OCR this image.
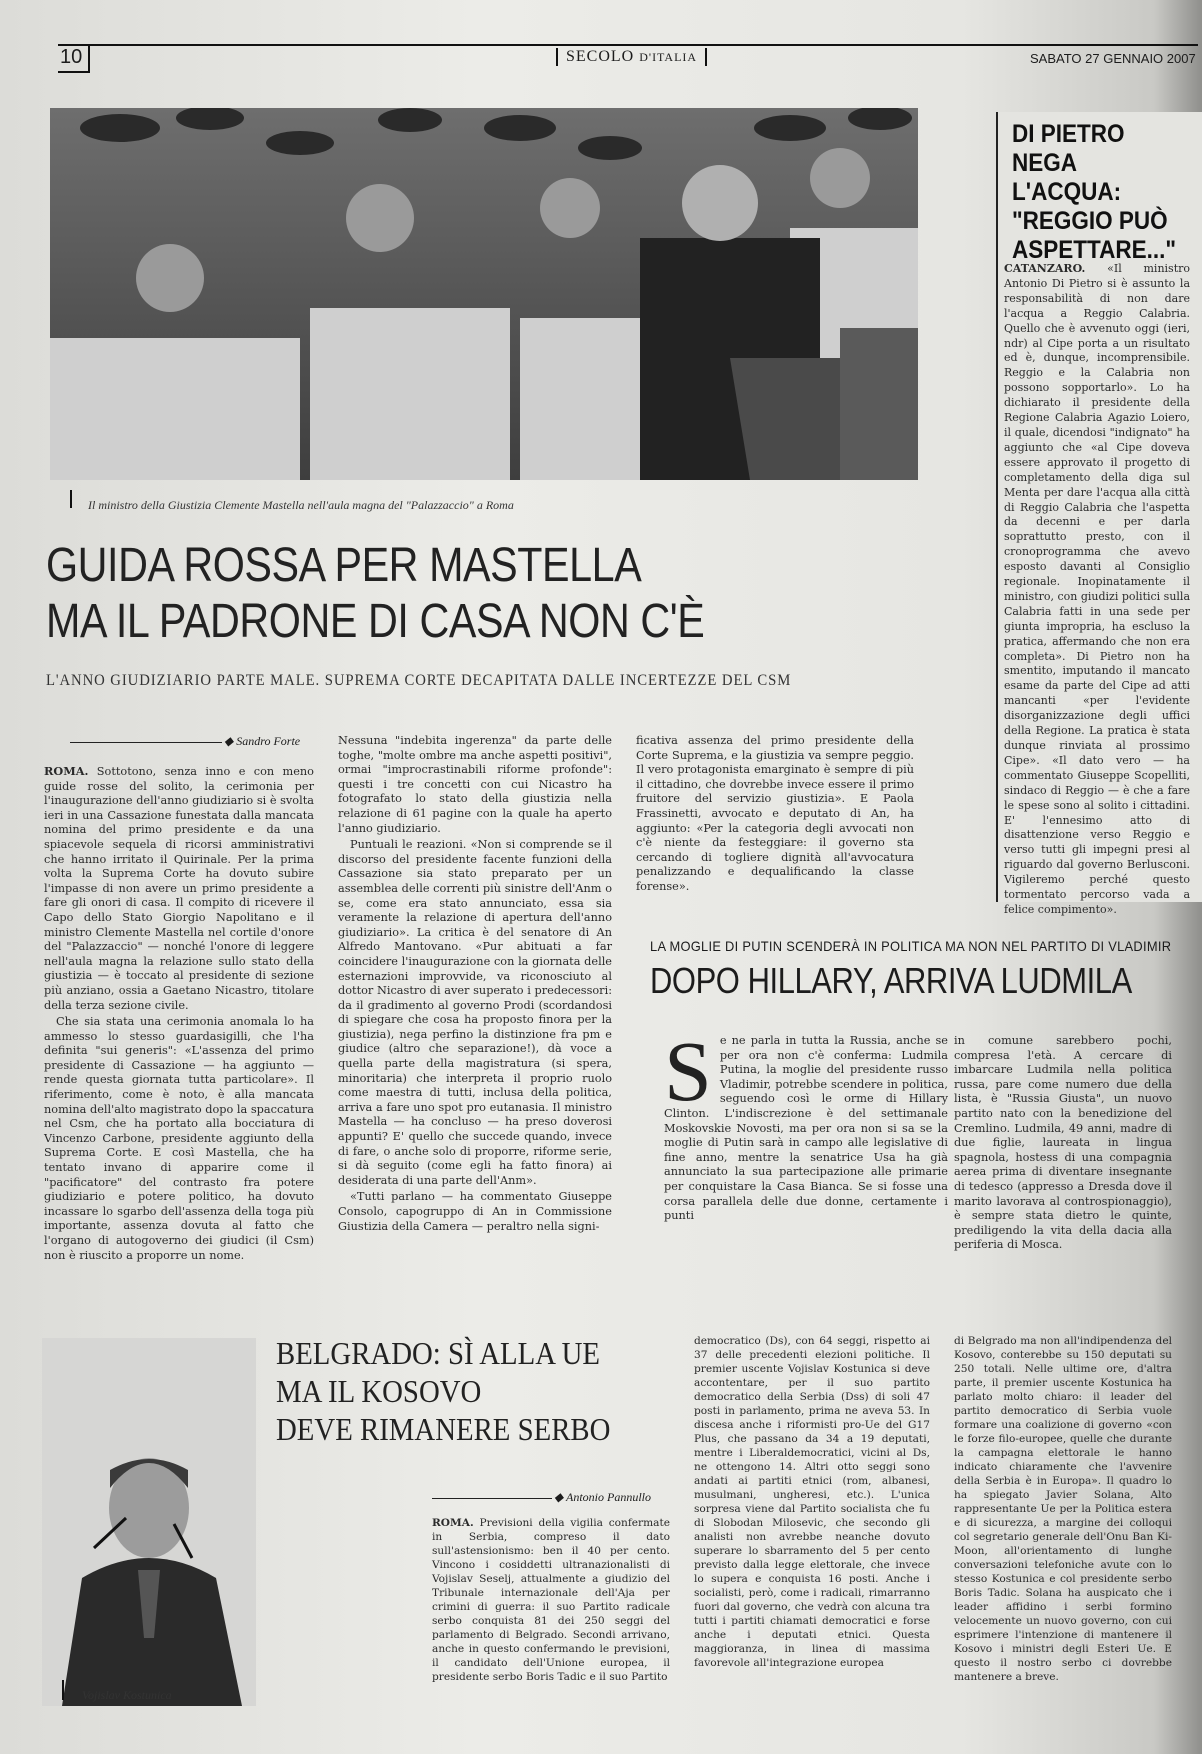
10	SECOLO D'ITALIA	SABATO 27 GENNAIO 2007
Il ministro della Giustizia Clemente Mastella nell'aula magna del "Palazzaccio" a Roma
GUIDA ROSSA PER MASTELLA
MA IL PADRONE DI CASA NON C'È
L'ANNO GIUDIZIARIO PARTE MALE. SUPREMA CORTE DECAPITATA DALLE INCERTEZZE DEL CSM
◆ Sandro Forte

ROMA. Sottotono, senza inno e con meno guide rosse del solito, la cerimonia per l'inaugurazione dell'anno giudiziario si è svolta ieri in una Cassazione funestata dalla mancata nomina del primo presidente e da una spiacevole sequela di ricorsi amministrativi che hanno irritato il Quirinale. Per la prima volta la Suprema Corte ha dovuto subire l'impasse di non avere un primo presidente a fare gli onori di casa. Il compito di ricevere il Capo dello Stato Giorgio Napolitano e il ministro Clemente Mastella nel cortile d'onore del "Palazzaccio" — nonché l'onore di leggere nell'aula magna la relazione sullo stato della giustizia — è toccato al presidente di sezione più anziano, ossia a Gaetano Nicastro, titolare della terza sezione civile.

Che sia stata una cerimonia anomala lo ha ammesso lo stesso guardasigilli, che l'ha definita "sui generis": «L'assenza del primo presidente di Cassazione — ha aggiunto — rende questa giornata tutta particolare». Il riferimento, come è noto, è alla mancata nomina dell'alto magistrato dopo la spaccatura nel Csm, che ha portato alla bocciatura di Vincenzo Carbone, presidente aggiunto della Suprema Corte. E così Mastella, che ha tentato invano di apparire come il "pacificatore" del contrasto fra potere giudiziario e potere politico, ha dovuto incassare lo sgarbo dell'assenza della toga più importante, assenza dovuta al fatto che l'organo di autogoverno dei giudici (il Csm) non è riuscito a proporre un nome.

Nessuna "indebita ingerenza" da parte delle toghe, "molte ombre ma anche aspetti positivi", ormai "improcrastinabili riforme profonde": questi i tre concetti con cui Nicastro ha fotografato lo stato della giustizia nella relazione di 61 pagine con la quale ha aperto l'anno giudiziario.

Puntuali le reazioni. «Non si comprende se il discorso del presidente facente funzioni della Cassazione sia stato preparato per un assemblea delle correnti più sinistre dell'Anm o se, come era stato annunciato, essa sia veramente la relazione di apertura dell'anno giudiziario». La critica è del senatore di An Alfredo Mantovano. «Pur abituati a far coincidere l'inaugurazione con la giornata delle esternazioni improvvide, va riconosciuto al dottor Nicastro di aver superato i predecessori: da il gradimento al governo Prodi (scordandosi di spiegare che cosa ha proposto finora per la giustizia), nega perfino la distinzione fra pm e giudice (altro che separazione!), dà voce a quella parte della magistratura (si spera, minoritaria) che interpreta il proprio ruolo come maestra di tutti, inclusa della politica, arriva a fare uno spot pro eutanasia. Il ministro Mastella — ha concluso — ha preso doverosi appunti? E' quello che succede quando, invece di fare, o anche solo di proporre, riforme serie, si dà seguito (come egli ha fatto finora) ai desiderata di una parte dell'Anm».

«Tutti parlano — ha commentato Giuseppe Consolo, capogruppo di An in Commissione Giustizia della Camera — peraltro nella signi-

ficativa assenza del primo presidente della Corte Suprema, e la giustizia va sempre peggio. Il vero protagonista emarginato è sempre di più il cittadino, che dovrebbe invece essere il primo fruitore del servizio giustizia». E Paola Frassinetti, avvocato e deputato di An, ha aggiunto: «Per la categoria degli avvocati non c'è niente da festeggiare: il governo sta cercando di togliere dignità all'avvocatura penalizzando e dequalificando la classe forense».

DI PIETRO NEGA L'ACQUA: "REGGIO PUÒ ASPETTARE..."

CATANZARO. «Il ministro Antonio Di Pietro si è assunto la responsabilità di non dare l'acqua a Reggio Calabria. Quello che è avvenuto oggi (ieri, ndr) al Cipe porta a un risultato ed è, dunque, incomprensibile. Reggio e la Calabria non possono sopportarlo». Lo ha dichiarato il presidente della Regione Calabria Agazio Loiero, il quale, dicendosi "indignato" ha aggiunto che «al Cipe doveva essere approvato il progetto di completamento della diga sul Menta per dare l'acqua alla città di Reggio Calabria che l'aspetta da decenni e per darla soprattutto presto, con il cronoprogramma che avevo esposto davanti al Consiglio regionale. Inopinatamente il ministro, con giudizi politici sulla Calabria fatti in una sede per giunta impropria, ha escluso la pratica, affermando che non era completa». Di Pietro non ha smentito, imputando il mancato esame da parte del Cipe ad atti mancanti «per l'evidente disorganizzazione degli uffici della Regione. La pratica è stata dunque rinviata al prossimo Cipe». «Il dato vero — ha commentato Giuseppe Scopelliti, sindaco di Reggio — è che a fare le spese sono al solito i cittadini. E' l'ennesimo atto di disattenzione verso Reggio e verso tutti gli impegni presi al riguardo dal governo Berlusconi. Vigileremo perché questo tormentato percorso vada a felice compimento».

LA MOGLIE DI PUTIN SCENDERÀ IN POLITICA MA NON NEL PARTITO DI VLADIMIR
DOPO HILLARY, ARRIVA LUDMILA
Se ne parla in tutta la Russia, anche se per ora non c'è conferma: Ludmila Putina, la moglie del presidente russo Vladimir, potrebbe scendere in politica, seguendo così le orme di Hillary Clinton. L'indiscrezione è del settimanale Moskovskie Novosti, ma per ora non si sa se la moglie di Putin sarà in campo alle legislative di fine anno, mentre la senatrice Usa ha già annunciato la sua partecipazione alle primarie per conquistare la Casa Bianca. Se si fosse una corsa parallela delle due donne, certamente i punti

in comune sarebbero pochi, compresa l'età. A cercare di imbarcare Ludmila nella politica russa, pare come numero due della lista, è "Russia Giusta", un nuovo partito nato con la benedizione del Cremlino. Ludmila, 49 anni, madre di due figlie, laureata in lingua spagnola, hostess di una compagnia aerea prima di diventare insegnante di tedesco (appresso a Dresda dove il marito lavorava al controspionaggio), è sempre stata dietro le quinte, prediligendo la vita della dacia alla periferia di Mosca.

Vojislav Kostunica
BELGRADO: SÌ ALLA UE
MA IL KOSOVO
DEVE RIMANERE SERBO
◆ Antonio Pannullo

ROMA. Previsioni della vigilia confermate in Serbia, compreso il dato sull'astensionismo: ben il 40 per cento. Vincono i cosiddetti ultranazionalisti di Vojislav Seselj, attualmente a giudizio del Tribunale internazionale dell'Aja per crimini di guerra: il suo Partito radicale serbo conquista 81 dei 250 seggi del parlamento di Belgrado. Secondi arrivano, anche in questo confermando le previsioni, il candidato dell'Unione europea, il presidente serbo Boris Tadic e il suo Partito

democratico (Ds), con 64 seggi, rispetto ai 37 delle precedenti elezioni politiche. Il premier uscente Vojislav Kostunica si deve accontentare, per il suo partito democratico della Serbia (Dss) di soli 47 posti in parlamento, prima ne aveva 53. In discesa anche i riformisti pro-Ue del G17 Plus, che passano da 34 a 19 deputati, mentre i Liberaldemocratici, vicini al Ds, ne ottengono 14. Altri otto seggi sono andati ai partiti etnici (rom, albanesi, musulmani, ungheresi, etc.). L'unica sorpresa viene dal Partito socialista che fu di Slobodan Milosevic, che secondo gli analisti non avrebbe neanche dovuto superare lo sbarramento del 5 per cento previsto dalla legge elettorale, che invece lo supera e conquista 16 posti. Anche i socialisti, però, come i radicali, rimarranno fuori dal governo, che vedrà con alcuna tra tutti i partiti chiamati democratici e forse anche i deputati etnici. Questa maggioranza, in linea di massima favorevole all'integrazione europea

di Belgrado ma non all'indipendenza del Kosovo, conterebbe su 150 deputati su 250 totali. Nelle ultime ore, d'altra parte, il premier uscente Kostunica ha parlato molto chiaro: il leader del partito democratico di Serbia vuole formare una coalizione di governo «con le forze filo-europee, quelle che durante la campagna elettorale le hanno indicato chiaramente che l'avvenire della Serbia è in Europa». Il quadro lo ha spiegato Javier Solana, Alto rappresentante Ue per la Politica estera e di sicurezza, a margine dei colloqui col segretario generale dell'Onu Ban Ki-Moon, all'orientamento di lunghe conversazioni telefoniche avute con lo stesso Kostunica e col presidente serbo Boris Tadic. Solana ha auspicato che i leader affidino i serbi formino velocemente un nuovo governo, con cui esprimere l'intenzione di mantenere il Kosovo i ministri degli Esteri Ue. E questo il nostro serbo ci dovrebbe mantenere a breve.
